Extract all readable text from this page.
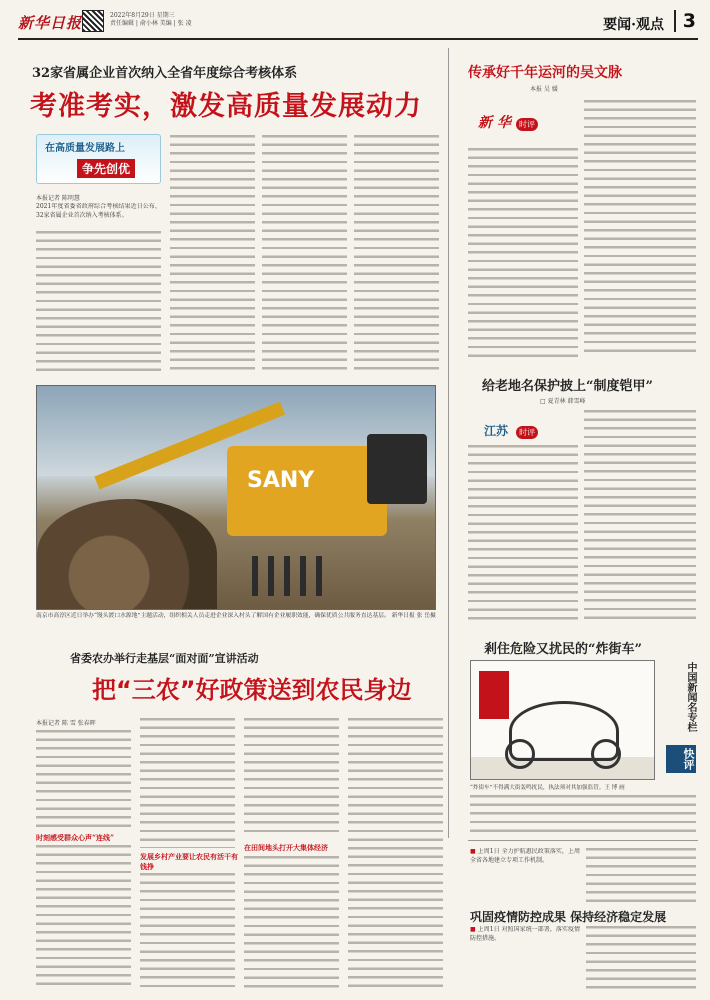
新华日报	2022年8月29日 星期三
责任编辑 | 俞小林 美编 | 张 凌	要闻·观点 3
32家省属企业首次纳入全省年度综合考核体系
考准考实，激发高质量发展动力
在高质量发展路上
争先创优
本报记者 陈明慧
2021年度省委省政府综合考核结果近日公布，32家省属企业首次纳入考核体系。
SANY
南京市高淳区近日举办“馒头渡口水源地”主题活动，组织相关人员走进企业深入村头了解国有企业履职效能，确保优质公共服务直达基层。 新华日报 张 岳摄
省委农办举行走基层“面对面”宣讲活动
把“三农”好政策送到农民身边
本报记者 陈 雪 张春晖
时刻感受群众心声“连线”
发展乡村产业要让农民有活干有钱挣
在田间地头打开大集体经济
传承好千年运河的吴文脉
本报 吴 媛
新 华 时评
给老地名保护披上“制度铠甲”
□ 夏青林 韩雪峰
江苏 时评
剎住危险又扰民的“炸街车”
中国新闻名专栏
快评
“炸街车”不得满大街轰鸣扰民，执法须对其加强监管。王 博 画
■ 上周1日 全力护航惠民政策落实，上周全省各地建立专项工作机制。
巩固疫情防控成果 保持经济稳定发展
■ 上周1日 对照国家统一部署，落实疫情防控措施。
